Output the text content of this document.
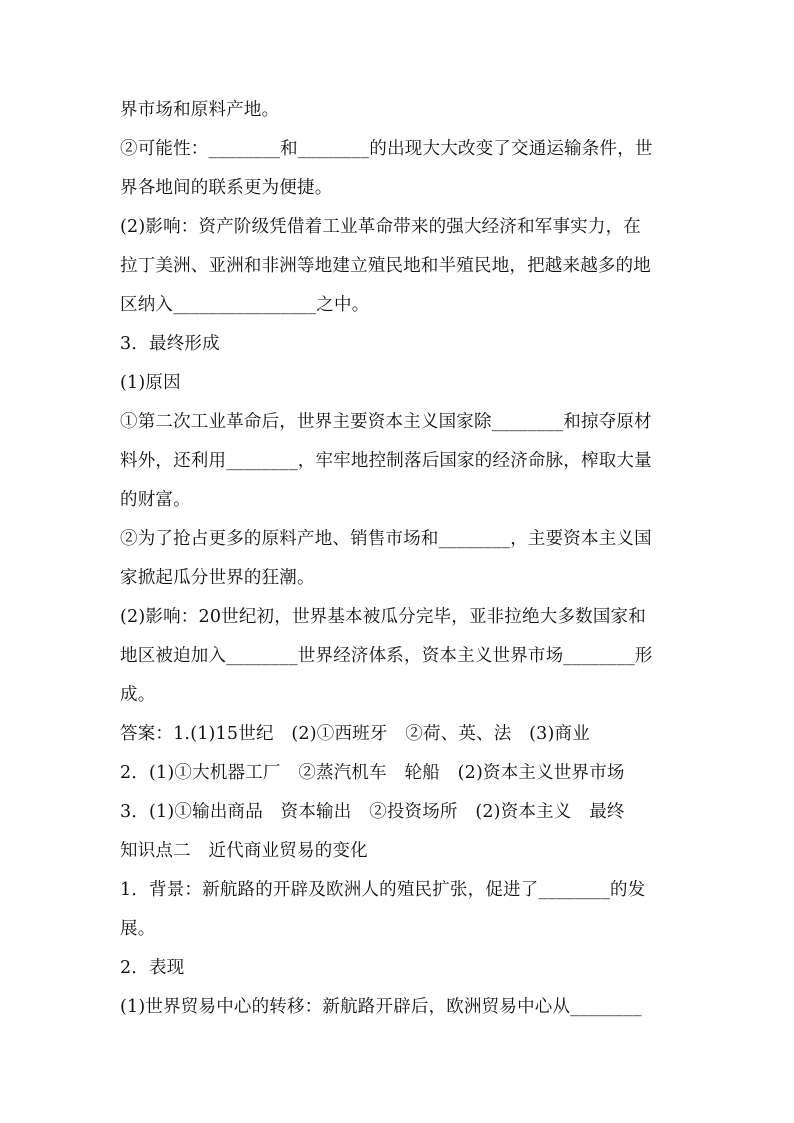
界市场和原料产地。
②可能性：________和________的出现大大改变了交通运输条件，世
界各地间的联系更为便捷。
(2)影响：资产阶级凭借着工业革命带来的强大经济和军事实力，在
拉丁美洲、亚洲和非洲等地建立殖民地和半殖民地，把越来越多的地
区纳入________________之中。
3．最终形成
(1)原因
①第二次工业革命后，世界主要资本主义国家除________和掠夺原材
料外，还利用________，牢牢地控制落后国家的经济命脉，榨取大量
的财富。
②为了抢占更多的原料产地、销售市场和________，主要资本主义国
家掀起瓜分世界的狂潮。
(2)影响：20世纪初，世界基本被瓜分完毕，亚非拉绝大多数国家和
地区被迫加入________世界经济体系，资本主义世界市场________形
成。
答案：1.(1)15世纪　(2)①西班牙　②荷、英、法　(3)商业
2．(1)①大机器工厂　②蒸汽机车　轮船　(2)资本主义世界市场
3．(1)①输出商品　资本输出　②投资场所　(2)资本主义　最终
知识点二　近代商业贸易的变化
1．背景：新航路的开辟及欧洲人的殖民扩张，促进了________的发
展。
2．表现
(1)世界贸易中心的转移：新航路开辟后，欧洲贸易中心从________
